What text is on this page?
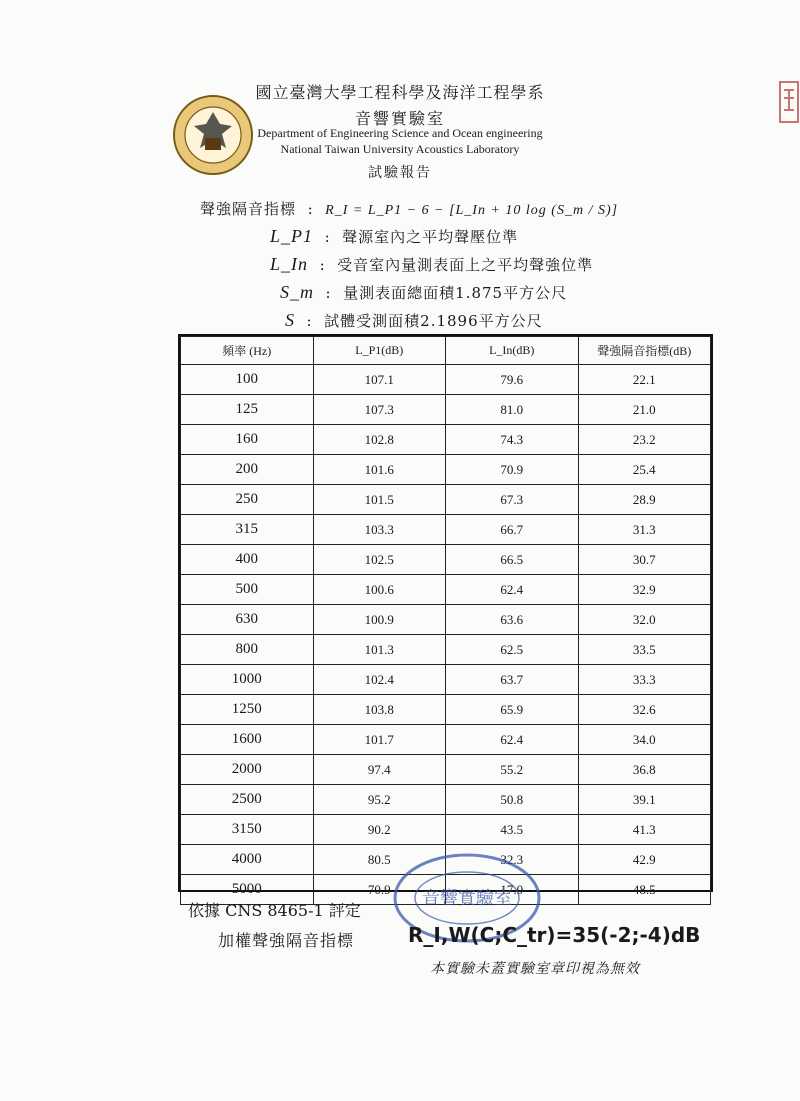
國立臺灣大學工程科學及海洋工程學系
音響實驗室
Department of Engineering Science and Ocean engineering
National Taiwan University Acoustics Laboratory
試驗報告
聲強隔音指標  :  R_I = L_P1 − 6 − [L_In + 10 log (S_m / S)]
L_P1  :  聲源室內之平均聲壓位準
L_In  :  受音室內量測表面上之平均聲強位準
S_m  :  量測表面總面積1.875平方公尺
S  :  試體受測面積2.1896平方公尺
頻率 (Hz)	L_P1(dB)	L_In(dB)	聲強隔音指標(dB)
100	107.1	79.6	22.1
125	107.3	81.0	21.0
160	102.8	74.3	23.2
200	101.6	70.9	25.4
250	101.5	67.3	28.9
315	103.3	66.7	31.3
400	102.5	66.5	30.7
500	100.6	62.4	32.9
630	100.9	63.6	32.0
800	101.3	62.5	33.5
1000	102.4	63.7	33.3
1250	103.8	65.9	32.6
1600	101.7	62.4	34.0
2000	97.4	55.2	36.8
2500	95.2	50.8	39.1
3150	90.2	43.5	41.3
4000	80.5	32.3	42.9
5000	70.9	17.0	48.5
音響實驗室
依據 CNS 8465-1 評定
加權聲強隔音指標	R_I,W(C;C_tr)=35(-2;-4)dB
本實驗未蓋實驗室章印視為無效
